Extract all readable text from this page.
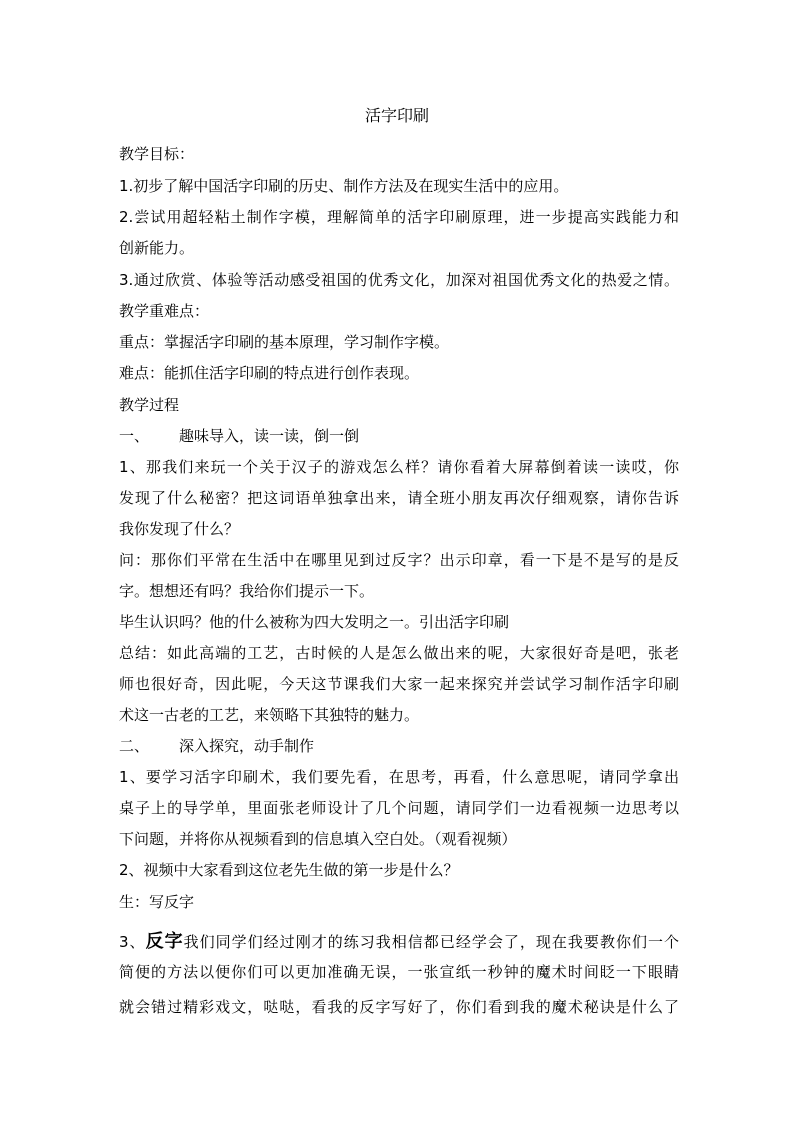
活字印刷
教学目标：
1.初步了解中国活字印刷的历史、制作方法及在现实生活中的应用。
2.尝试用超轻粘土制作字模，理解简单的活字印刷原理，进一步提高实践能力和
创新能力。
3.通过欣赏、体验等活动感受祖国的优秀文化，加深对祖国优秀文化的热爱之情。
教学重难点：
重点：掌握活字印刷的基本原理，学习制作字模。
难点：能抓住活字印刷的特点进行创作表现。
教学过程
一、 趣味导入，读一读，倒一倒
1、那我们来玩一个关于汉子的游戏怎么样？请你看着大屏幕倒着读一读哎，你
发现了什么秘密？把这词语单独拿出来，请全班小朋友再次仔细观察，请你告诉
我你发现了什么？
问：那你们平常在生活中在哪里见到过反字？出示印章，看一下是不是写的是反
字。想想还有吗？我给你们提示一下。
毕生认识吗？他的什么被称为四大发明之一。引出活字印刷
总结：如此高端的工艺，古时候的人是怎么做出来的呢，大家很好奇是吧，张老
师也很好奇，因此呢，今天这节课我们大家一起来探究并尝试学习制作活字印刷
术这一古老的工艺，来领略下其独特的魅力。
二、 深入探究，动手制作
1、要学习活字印刷术，我们要先看，在思考，再看，什么意思呢，请同学拿出
桌子上的导学单，里面张老师设计了几个问题，请同学们一边看视频一边思考以
下问题，并将你从视频看到的信息填入空白处。（观看视频）
2、视频中大家看到这位老先生做的第一步是什么？
生：写反字
3、反字我们同学们经过刚才的练习我相信都已经学会了，现在我要教你们一个
简便的方法以便你们可以更加准确无误，一张宣纸一秒钟的魔术时间眨一下眼睛
就会错过精彩戏文，哒哒，看我的反字写好了，你们看到我的魔术秘诀是什么了
